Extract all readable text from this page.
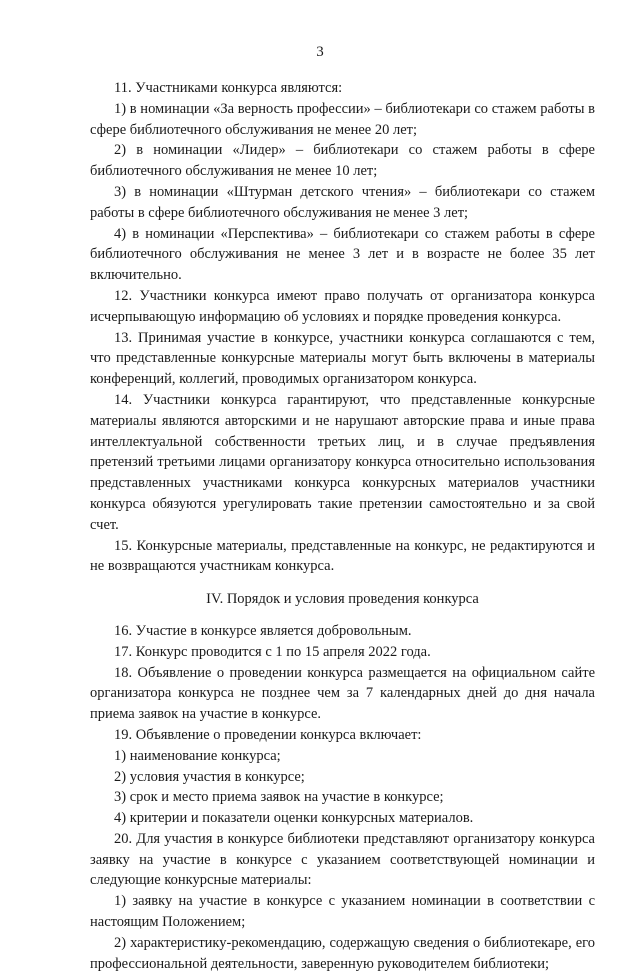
3

11. Участниками конкурса являются:

1) в номинации «За верность профессии» – библиотекари со стажем работы в сфере библиотечного обслуживания не менее 20 лет;

2) в номинации «Лидер» – библиотекари со стажем работы в сфере библиотечного обслуживания не менее 10 лет;

3) в номинации «Штурман детского чтения» – библиотекари со стажем работы в сфере библиотечного обслуживания не менее 3 лет;

4) в номинации «Перспектива» – библиотекари со стажем работы в сфере библиотечного обслуживания не менее 3 лет и в возрасте не более 35 лет включительно.

12. Участники конкурса имеют право получать от организатора конкурса исчерпывающую информацию об условиях и порядке проведения конкурса.

13. Принимая участие в конкурсе, участники конкурса соглашаются с тем, что представленные конкурсные материалы могут быть включены в материалы конференций, коллегий, проводимых организатором конкурса.

14. Участники конкурса гарантируют, что представленные конкурсные материалы являются авторскими и не нарушают авторские права и иные права интеллектуальной собственности третьих лиц, и в случае предъявления претензий третьими лицами организатору конкурса относительно использования представленных участниками конкурса конкурсных материалов участники конкурса обязуются урегулировать такие претензии самостоятельно и за свой счет.

15. Конкурсные материалы, представленные на конкурс, не редактируются и не возвращаются участникам конкурса.

IV. Порядок и условия проведения конкурса

16. Участие в конкурсе является добровольным.

17. Конкурс проводится с 1 по 15 апреля 2022 года.

18. Объявление о проведении конкурса размещается на официальном сайте организатора конкурса не позднее чем за 7 календарных дней до дня начала приема заявок на участие в конкурсе.

19. Объявление о проведении конкурса включает:

1) наименование конкурса;

2) условия участия в конкурсе;

3) срок и место приема заявок на участие в конкурсе;

4) критерии и показатели оценки конкурсных материалов.

20. Для участия в конкурсе библиотеки представляют организатору конкурса заявку на участие в конкурсе с указанием соответствующей номинации и следующие конкурсные материалы:

1) заявку на участие в конкурсе с указанием номинации в соответствии с настоящим Положением;

2) характеристику-рекомендацию, содержащую сведения о библиотекаре, его профессиональной деятельности, заверенную руководителем библиотеки;
